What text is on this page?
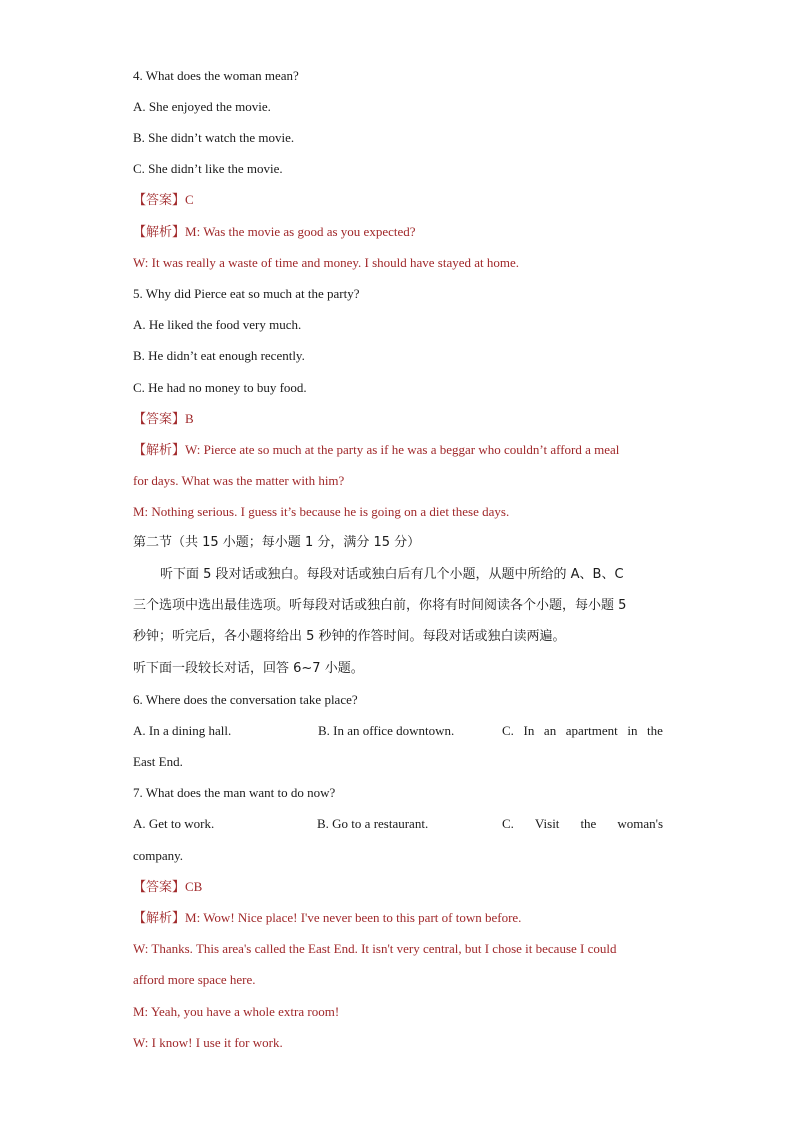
4. What does the woman mean?
A. She enjoyed the movie.
B. She didn’t watch the movie.
C. She didn’t like the movie.
【答案】C
【解析】M: Was the movie as good as you expected?
W: It was really a waste of time and money. I should have stayed at home.
5. Why did Pierce eat so much at the party?
A. He liked the food very much.
B. He didn’t eat enough recently.
C. He had no money to buy food.
【答案】B
【解析】W: Pierce ate so much at the party as if he was a beggar who couldn’t afford a meal
for days. What was the matter with him?
M: Nothing serious. I guess it’s because he is going on a diet these days.
第二节（共 15 小题；每小题 1 分，满分 15 分）
听下面 5 段对话或独白。每段对话或独白后有几个小题，从题中所给的 A、B、C
三个选项中选出最佳选项。听每段对话或独白前，你将有时间阅读各个小题，每小题 5
秒钟；听完后，各小题将给出 5 秒钟的作答时间。每段对话或独白读两遍。
听下面一段较长对话，回答 6~7 小题。
6. Where does the conversation take place?
A. In a dining hall.	B. In an office downtown.	C. In an apartment in the
East End.
7. What does the man want to do now?
A. Get to work.	B. Go to a restaurant.	C. Visit the woman's
company.
【答案】CB
【解析】M: Wow! Nice place! I've never been to this part of town before.
W: Thanks. This area's called the East End. It isn't very central, but I chose it because I could
afford more space here.
M: Yeah, you have a whole extra room!
W: I know! I use it for work.
